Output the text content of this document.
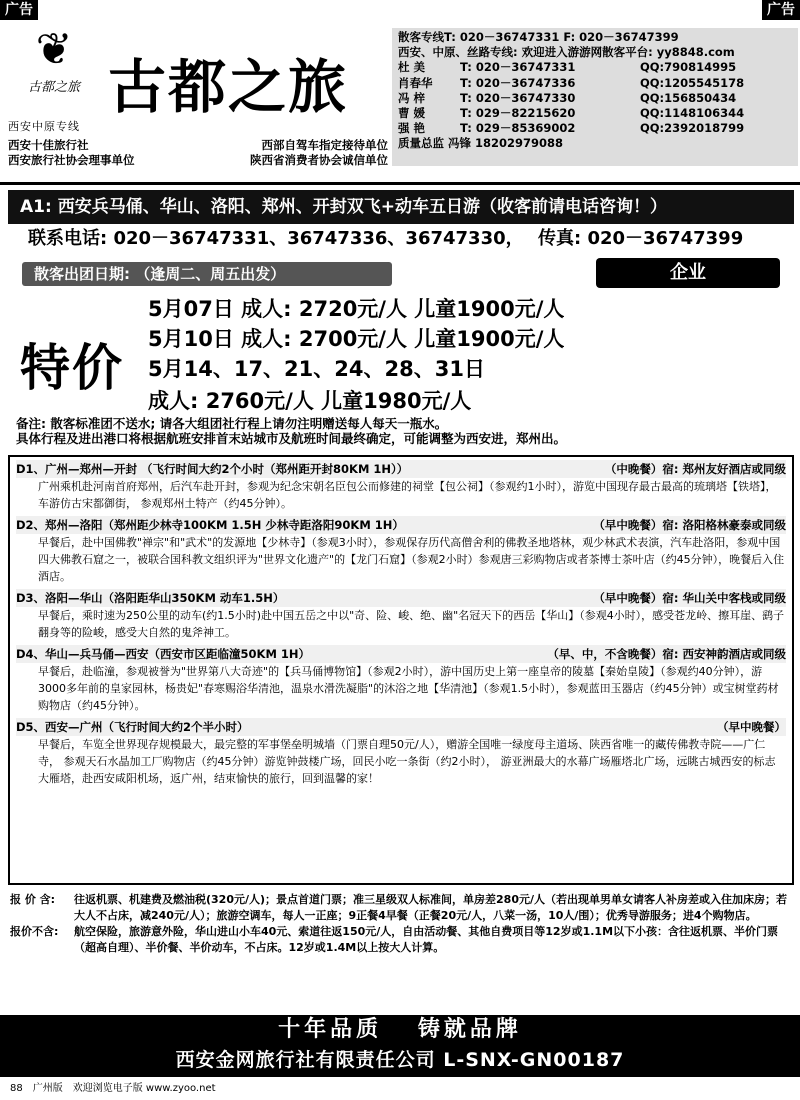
广告	广告
❦
古都之旅 古都之旅
西安中原专线
西安十佳旅行社	西部自驾车指定接待单位
西安旅行社协会理事单位	陕西省消费者协会诚信单位
散客专线T: 020－36747331 F: 020－36747399
西安、中原、丝路专线: 欢迎进入游游网散客平台: yy8848.com
杜 美	T: 020－36747331	QQ:790814995
肖春华	T: 020－36747336	QQ:1205545178
冯 梓	T: 020－36747330	QQ:156850434
曹 媛	T: 029－82215620	QQ:1148106344
强 艳	T: 029－85369002	QQ:2392018799
质量总监 冯锋 18202979088
A1: 西安兵马俑、华山、洛阳、郑州、开封双飞+动车五日游（收客前请电话咨询！）
联系电话: 020－36747331、36747336、36747330， 传真: 020－36747399
散客出团日期: （逢周二、周五出发）	企业QQ:800024425
特价
5月07日 成人: 2720元/人 儿童1900元/人
5月10日 成人: 2700元/人 儿童1900元/人
5月14、17、21、24、28、31日
成人: 2760元/人 儿童1980元/人
备注: 散客标准团不送水; 请各大组团社行程上请勿注明赠送每人每天一瓶水。
具体行程及进出港口将根据航班安排首末站城市及航班时间最终确定，可能调整为西安进，郑州出。
D1、广州—郑州—开封 （飞行时间大约2个小时（郑州距开封80KM 1H））	（中晚餐）宿: 郑州友好酒店或同级
广州乘机赴河南首府郑州，后汽车赴开封，参观为纪念宋朝名臣包公而修建的祠堂【包公祠】（参观约1小时），游览中国现存最古最高的琉璃塔【铁塔】， 车游仿古宋都御街， 参观郑州土特产（约45分钟）。
D2、郑州—洛阳（郑州距少林寺100KM 1.5H 少林寺距洛阳90KM 1H）	（早中晚餐）宿: 洛阳格林豪泰或同级
早餐后，赴中国佛教"禅宗"和"武术"的发源地【少林寺】（参观3小时），参观保存历代高僧舍利的佛教圣地塔林，观少林武术表演，汽车赴洛阳，参观中国四大佛教石窟之一，被联合国科教文组织评为"世界文化遗产"的【龙门石窟】（参观2小时）参观唐三彩购物店或者茶博士茶叶店（约45分钟），晚餐后入住酒店。
D3、洛阳—华山（洛阳距华山350KM 动车1.5H）	（早中晚餐）宿: 华山关中客栈或同级
早餐后，乘时速为250公里的动车(约1.5小时)赴中国五岳之中以"奇、险、峻、绝、幽"名冠天下的西岳【华山】（参观4小时），感受苍龙岭、擦耳崖、鹞子翻身等的险峻，感受大自然的鬼斧神工。
D4、华山—兵马俑—西安（西安市区距临潼50KM 1H）	（早、中，不含晚餐）宿: 西安神韵酒店或同级
早餐后，赴临潼，参观被誉为"世界第八大奇迹"的【兵马俑博物馆】（参观2小时），游中国历史上第一座皇帝的陵墓【秦始皇陵】（参观约40分钟），游3000多年前的皇家园林，杨贵妃"春寒赐浴华清池，温泉水滑洗凝脂"的沐浴之地【华清池】（参观1.5小时），参观蓝田玉器店（约45分钟）或宝树堂药材购物店（约45分钟）。
D5、西安—广州（飞行时间大约2个半小时）	（早中晚餐）
早餐后，车览全世界现存规模最大，最完整的军事堡垒明城墙（门票自理50元/人），赠游全国唯一绿度母主道场、陕西省唯一的藏传佛教寺院——广仁寺， 参观天石水晶加工厂购物店（约45分钟）游览钟鼓楼广场，回民小吃一条街（约2小时）， 游亚洲最大的水幕广场雁塔北广场，远眺古城西安的标志大雁塔，赴西安咸阳机场，返广州，结束愉快的旅行，回到温馨的家！
报 价 含:	往返机票、机建费及燃油税(320元/人)；景点首道门票；准三星级双人标准间，单房差280元/人（若出现单男单女请客人补房差或入住加床房；若大人不占床，减240元/人）；旅游空调车，每人一正座；9正餐4早餐（正餐20元/人，八菜一汤，10人/围）；优秀导游服务；进4个购物店。
报价不含:	航空保险，旅游意外险，华山进山小车40元、索道往返150元/人，自由活动餐、其他自费项目等12岁或1.1M以下小孩：含往返机票、半价门票（超高自理）、半价餐、半价动车，不占床。12岁或1.4M以上按大人计算。
十年品质 铸就品牌
西安金网旅行社有限责任公司 L-SNX-GN00187
88 广州版 欢迎浏览电子版 www.zyoo.net
